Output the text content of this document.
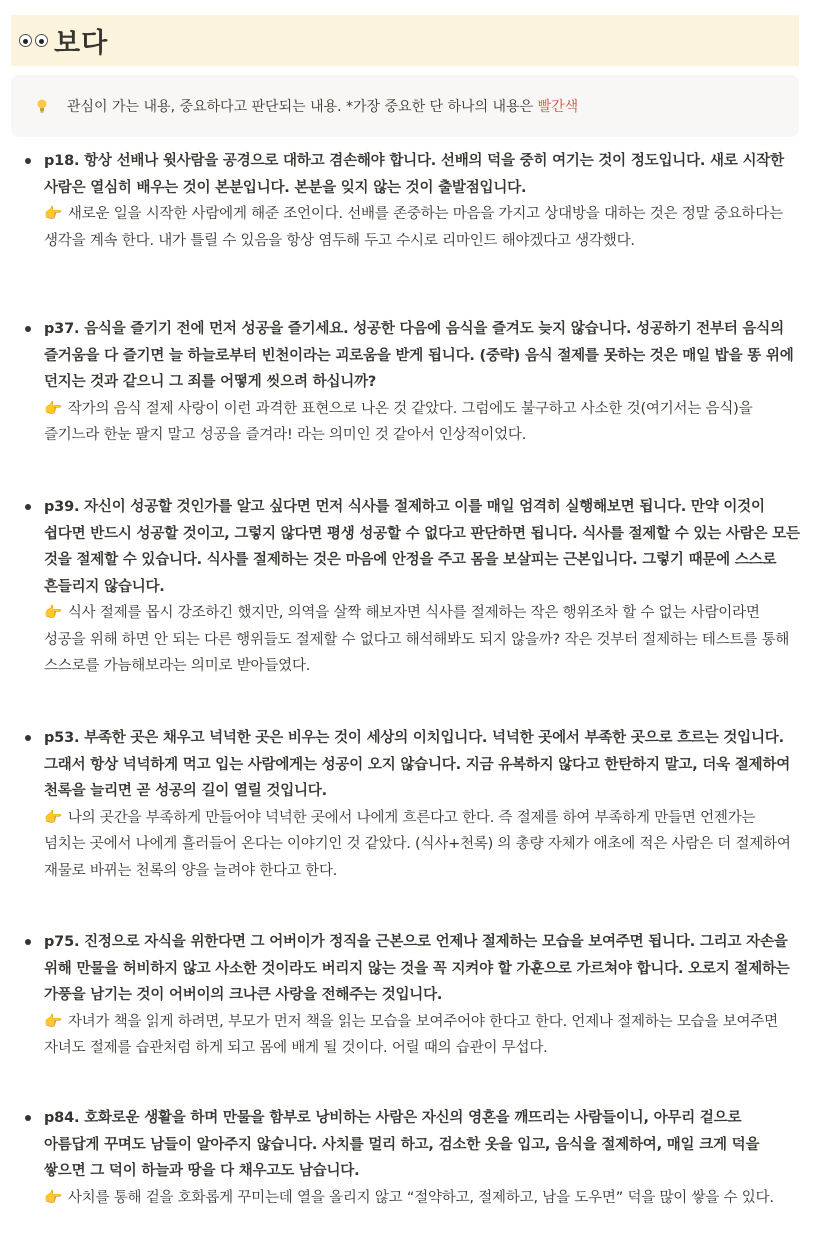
보다
관심이 가는 내용, 중요하다고 판단되는 내용. *가장 중요한 단 하나의 내용은 빨간색
p18. 항상 선배나 윗사람을 공경으로 대하고 겸손해야 합니다. 선배의 덕을 중히 여기는 것이 정도입니다. 새로 시작한 사람은 열심히 배우는 것이 본분입니다. 본분을 잊지 않는 것이 출발점입니다.
👉 새로운 일을 시작한 사람에게 해준 조언이다. 선배를 존중하는 마음을 가지고 상대방을 대하는 것은 정말 중요하다는 생각을 계속 한다. 내가 틀릴 수 있음을 항상 염두해 두고 수시로 리마인드 해야겠다고 생각했다.
p37. 음식을 즐기기 전에 먼저 성공을 즐기세요. 성공한 다음에 음식을 즐겨도 늦지 않습니다. 성공하기 전부터 음식의 즐거움을 다 즐기면 늘 하늘로부터 빈천이라는 괴로움을 받게 됩니다. (중략) 음식 절제를 못하는 것은 매일 밥을 똥 위에 던지는 것과 같으니 그 죄를 어떻게 씻으려 하십니까?
👉 작가의 음식 절제 사랑이 이런 과격한 표현으로 나온 것 같았다. 그럼에도 불구하고 사소한 것(여기서는 음식)을 즐기느라 한눈 팔지 말고 성공을 즐겨라! 라는 의미인 것 같아서 인상적이었다.
p39. 자신이 성공할 것인가를 알고 싶다면 먼저 식사를 절제하고 이를 매일 엄격히 실행해보면 됩니다. 만약 이것이 쉽다면 반드시 성공할 것이고, 그렇지 않다면 평생 성공할 수 없다고 판단하면 됩니다. 식사를 절제할 수 있는 사람은 모든 것을 절제할 수 있습니다. 식사를 절제하는 것은 마음에 안정을 주고 몸을 보살피는 근본입니다. 그렇기 때문에 스스로 흔들리지 않습니다.
👉 식사 절제를 몹시 강조하긴 했지만, 의역을 살짝 해보자면 식사를 절제하는 작은 행위조차 할 수 없는 사람이라면 성공을 위해 하면 안 되는 다른 행위들도 절제할 수 없다고 해석해봐도 되지 않을까? 작은 것부터 절제하는 테스트를 통해 스스로를 가늠해보라는 의미로 받아들였다.
p53. 부족한 곳은 채우고 넉넉한 곳은 비우는 것이 세상의 이치입니다. 넉넉한 곳에서 부족한 곳으로 흐르는 것입니다. 그래서 항상 넉넉하게 먹고 입는 사람에게는 성공이 오지 않습니다. 지금 유복하지 않다고 한탄하지 말고, 더욱 절제하여 천록을 늘리면 곧 성공의 길이 열릴 것입니다.
👉 나의 곳간을 부족하게 만들어야 넉넉한 곳에서 나에게 흐른다고 한다. 즉 절제를 하여 부족하게 만들면 언젠가는 넘치는 곳에서 나에게 흘러들어 온다는 이야기인 것 같았다. (식사+천록) 의 총량 자체가 애초에 적은 사람은 더 절제하여 재물로 바뀌는 천록의 양을 늘려야 한다고 한다.
p75. 진정으로 자식을 위한다면 그 어버이가 정직을 근본으로 언제나 절제하는 모습을 보여주면 됩니다. 그리고 자손을 위해 만물을 허비하지 않고 사소한 것이라도 버리지 않는 것을 꼭 지켜야 할 가훈으로 가르쳐야 합니다. 오로지 절제하는 가풍을 남기는 것이 어버이의 크나큰 사랑을 전해주는 것입니다.
👉 자녀가 책을 읽게 하려면, 부모가 먼저 책을 읽는 모습을 보여주어야 한다고 한다. 언제나 절제하는 모습을 보여주면 자녀도 절제를 습관처럼 하게 되고 몸에 배게 될 것이다. 어릴 때의 습관이 무섭다.
p84. 호화로운 생활을 하며 만물을 함부로 낭비하는 사람은 자신의 영혼을 깨뜨리는 사람들이니, 아무리 겉으로 아름답게 꾸며도 남들이 알아주지 않습니다. 사치를 멀리 하고, 검소한 옷을 입고, 음식을 절제하여, 매일 크게 덕을 쌓으면 그 덕이 하늘과 땅을 다 채우고도 남습니다.
👉 사치를 통해 겉을 호화롭게 꾸미는데 열을 올리지 않고 “절약하고, 절제하고, 남을 도우면” 덕을 많이 쌓을 수 있다.
